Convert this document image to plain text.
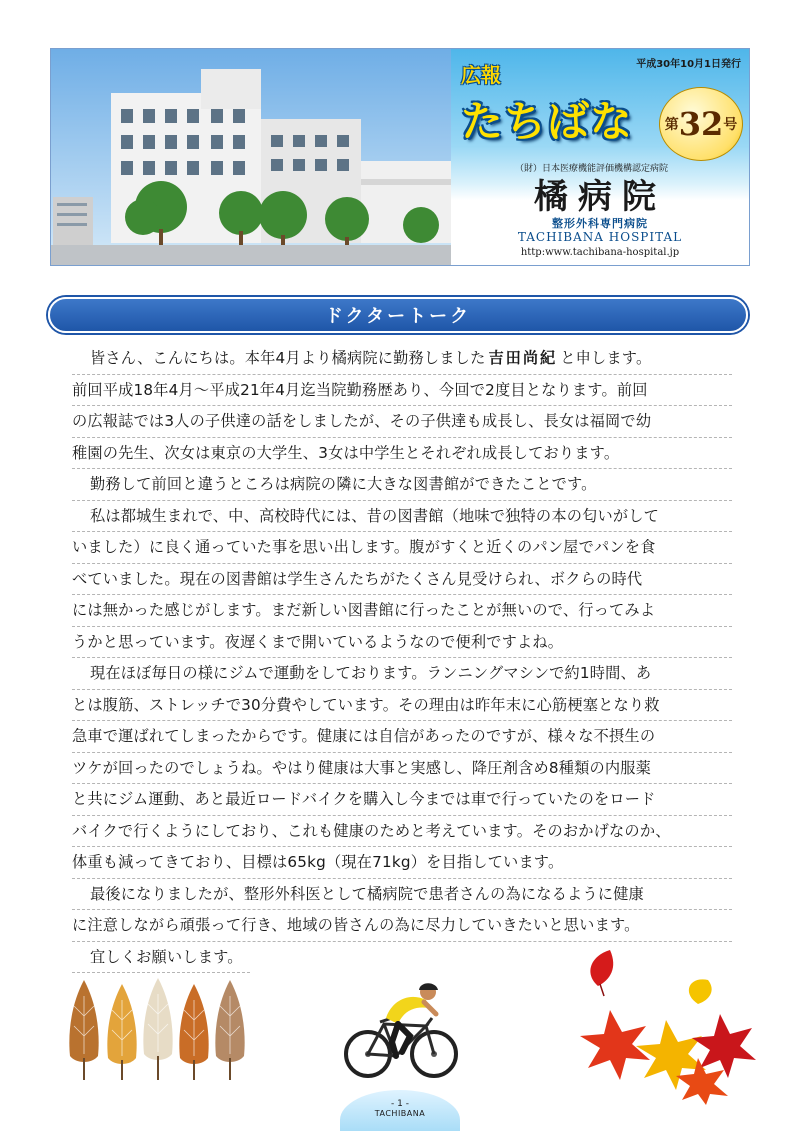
平成30年10月1日発行
広報
たちばな 第 32 号
（財）日本医療機能評価機構認定病院
橘病院
整形外科専門病院
TACHIBANA HOSPITAL
http:www.tachibana-hospital.jp
ドクタートーク
皆さん、こんにちは。本年4月より橘病院に勤務しました 吉田尚紀 と申します。
前回平成18年4月～平成21年4月迄当院勤務歴あり、今回で2度目となります。前回
の広報誌では3人の子供達の話をしましたが、その子供達も成長し、長女は福岡で幼
稚園の先生、次女は東京の大学生、3女は中学生とそれぞれ成長しております。
勤務して前回と違うところは病院の隣に大きな図書館ができたことです。
私は都城生まれで、中、高校時代には、昔の図書館（地味で独特の本の匂いがして
いました）に良く通っていた事を思い出します。腹がすくと近くのパン屋でパンを食
べていました。現在の図書館は学生さんたちがたくさん見受けられ、ボクらの時代
には無かった感じがします。まだ新しい図書館に行ったことが無いので、行ってみよ
うかと思っています。夜遅くまで開いているようなので便利ですよね。
現在ほぼ毎日の様にジムで運動をしております。ランニングマシンで約1時間、あ
とは腹筋、ストレッチで30分費やしています。その理由は昨年末に心筋梗塞となり救
急車で運ばれてしまったからです。健康には自信があったのですが、様々な不摂生の
ツケが回ったのでしょうね。やはり健康は大事と実感し、降圧剤含め8種類の内服薬
と共にジム運動、あと最近ロードバイクを購入し今までは車で行っていたのをロード
バイクで行くようにしており、これも健康のためと考えています。そのおかげなのか、
体重も減ってきており、目標は65kg（現在71kg）を目指しています。
最後になりましたが、整形外科医として橘病院で患者さんの為になるように健康
に注意しながら頑張って行き、地域の皆さんの為に尽力していきたいと思います。
宜しくお願いします。
- 1 -
TACHIBANA
